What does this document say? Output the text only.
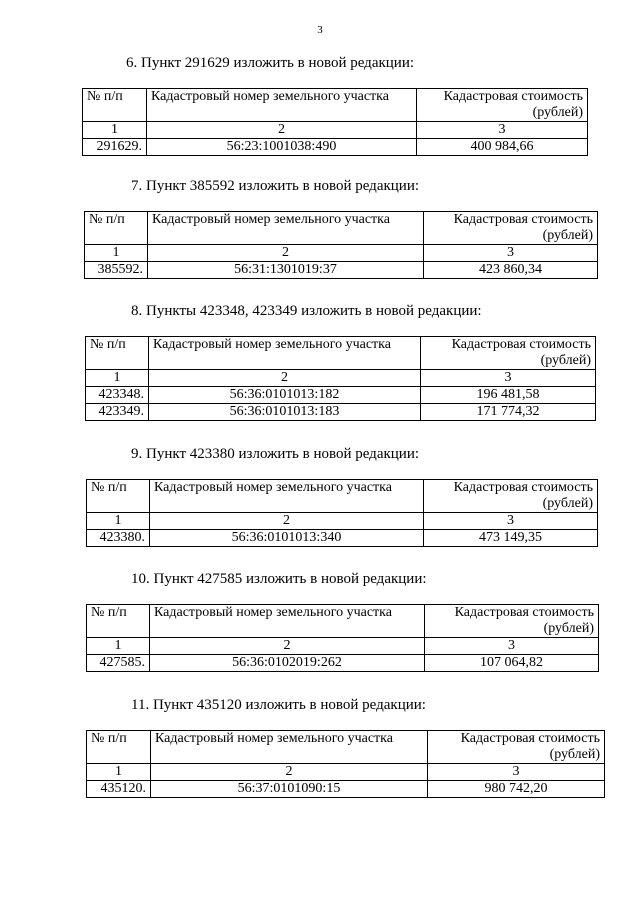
3
6. Пункт 291629 изложить в новой редакции:
№ п/п	Кадастровый номер земельного участка	Кадастровая стоимость (рублей)
1	2	3
291629.	56:23:1001038:490	400 984,66
7. Пункт 385592 изложить в новой редакции:
№ п/п	Кадастровый номер земельного участка	Кадастровая стоимость (рублей)
1	2	3
385592.	56:31:1301019:37	423 860,34
8. Пункты 423348, 423349 изложить в новой редакции:
№ п/п	Кадастровый номер земельного участка	Кадастровая стоимость (рублей)
1	2	3
423348.	56:36:0101013:182	196 481,58
423349.	56:36:0101013:183	171 774,32
9. Пункт 423380 изложить в новой редакции:
№ п/п	Кадастровый номер земельного участка	Кадастровая стоимость (рублей)
1	2	3
423380.	56:36:0101013:340	473 149,35
10. Пункт 427585 изложить в новой редакции:
№ п/п	Кадастровый номер земельного участка	Кадастровая стоимость (рублей)
1	2	3
427585.	56:36:0102019:262	107 064,82
11. Пункт 435120 изложить в новой редакции:
№ п/п	Кадастровый номер земельного участка	Кадастровая стоимость (рублей)
1	2	3
435120.	56:37:0101090:15	980 742,20
